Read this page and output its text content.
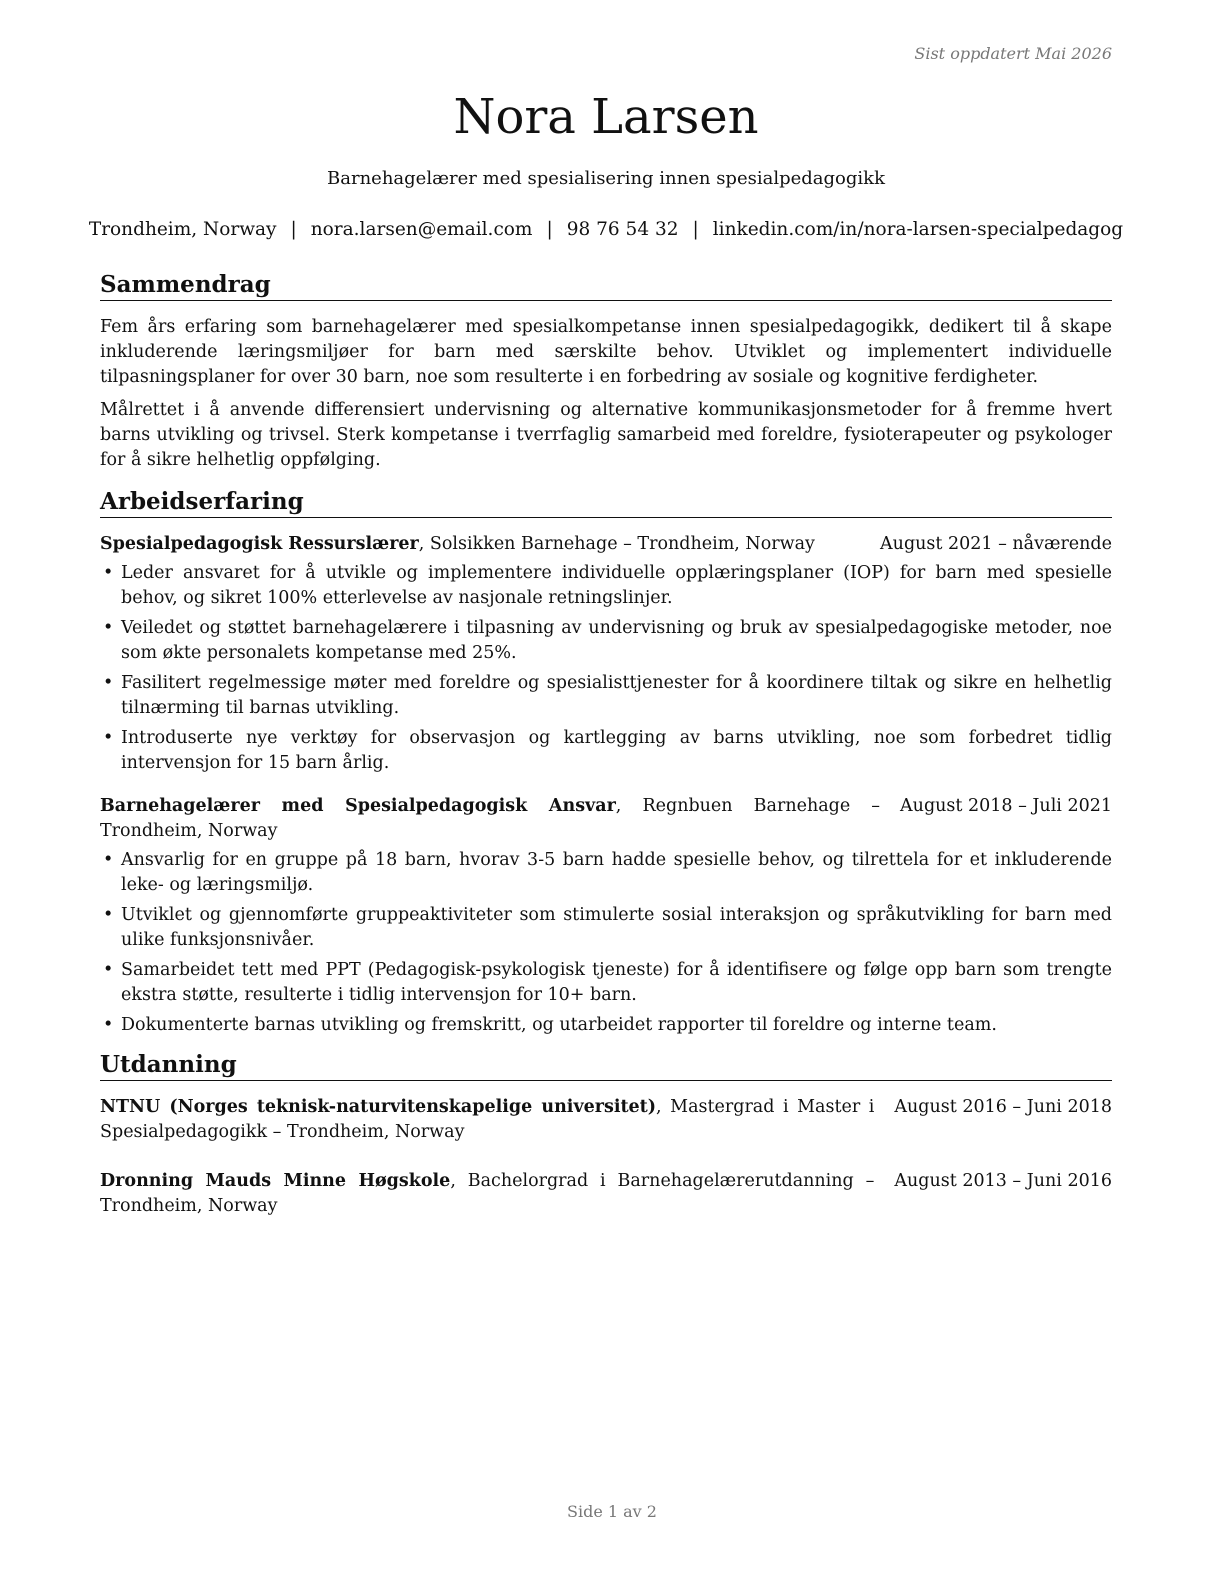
Sist oppdatert Mai 2026
Nora Larsen
Barnehagelærer med spesialisering innen spesialpedagogikk
Trondheim, Norway | nora.larsen@email.com | 98 76 54 32 | linkedin.com/in/nora-larsen-specialpedagog
Sammendrag

Fem års erfaring som barnehagelærer med spesialkompetanse innen spesialpedagogikk, dedikert til å skape inkluderende læringsmiljøer for barn med særskilte behov. Utviklet og implementert individuelle tilpasningsplaner for over 30 barn, noe som resulterte i en forbedring av sosiale og kognitive ferdigheter.

Målrettet i å anvende differensiert undervisning og alternative kommunikasjonsmetoder for å fremme hvert barns utvikling og trivsel. Sterk kompetanse i tverrfaglig samarbeid med foreldre, fysioterapeuter og psykologer for å sikre helhetlig oppfølging.

Arbeidserfaring
Spesialpedagogisk Ressurslærer, Solsikken Barnehage – Trondheim, Norway	August 2021 – nåværende
• Leder ansvaret for å utvikle og implementere individuelle opplæringsplaner (IOP) for barn med spesielle behov, og sikret 100% etterlevelse av nasjonale retningslinjer.
• Veiledet og støttet barnehagelærere i tilpasning av undervisning og bruk av spesialpedagogiske metoder, noe som økte personalets kompetanse med 25%.
• Fasilitert regelmessige møter med foreldre og spesialisttjenester for å koordinere tiltak og sikre en helhetlig tilnærming til barnas utvikling.
• Introduserte nye verktøy for observasjon og kartlegging av barns utvikling, noe som forbedret tidlig intervensjon for 15 barn årlig.
Barnehagelærer med Spesialpedagogisk Ansvar, Regnbuen Barnehage – Trondheim, Norway
August 2018 – Juli 2021
• Ansvarlig for en gruppe på 18 barn, hvorav 3-5 barn hadde spesielle behov, og tilrettela for et inkluderende leke- og læringsmiljø.
• Utviklet og gjennomførte gruppeaktiviteter som stimulerte sosial interaksjon og språkutvikling for barn med ulike funksjonsnivåer.
• Samarbeidet tett med PPT (Pedagogisk-psykologisk tjeneste) for å identifisere og følge opp barn som trengte ekstra støtte, resulterte i tidlig intervensjon for 10+ barn.
• Dokumenterte barnas utvikling og fremskritt, og utarbeidet rapporter til foreldre og interne team.
Utdanning
NTNU (Norges teknisk-naturvitenskapelige universitet), Mastergrad i Master i Spesialpedagogikk – Trondheim, Norway
August 2016 – Juni 2018
Dronning Mauds Minne Høgskole, Bachelorgrad i Barnehagelærerutdanning – Trondheim, Norway
August 2013 – Juni 2016
Side 1 av 2
